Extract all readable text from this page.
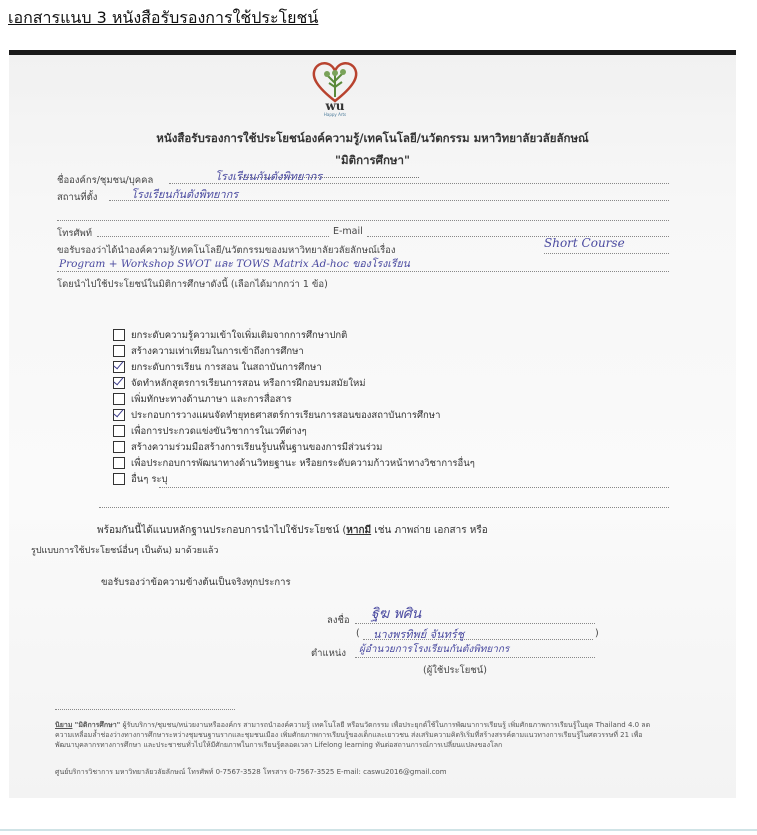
เอกสารแนบ 3 หนังสือรับรองการใช้ประโยชน์
wu
Happy Arts
หนังสือรับรองการใช้ประโยชน์องค์ความรู้/เทคโนโลยี/นวัตกรรม มหาวิทยาลัยวลัยลักษณ์
"มิติการศึกษา"
ชื่อองค์กร/ชุมชน/บุคคล	โรงเรียนกันตังพิทยากร
สถานที่ตั้ง	โรงเรียนกันตังพิทยากร
โทรศัพท์	E-mail
ขอรับรองว่าได้นำองค์ความรู้/เทคโนโลยี/นวัตกรรมของมหาวิทยาลัยวลัยลักษณ์เรื่อง
Short Course
Program + Workshop SWOT และ TOWS Matrix Ad-hoc ของโรงเรียน
โดยนำไปใช้ประโยชน์ในมิติการศึกษาดังนี้ (เลือกได้มากกว่า 1 ข้อ)
ยกระดับความรู้ความเข้าใจเพิ่มเติมจากการศึกษาปกติ
สร้างความเท่าเทียมในการเข้าถึงการศึกษา
ยกระดับการเรียน การสอน ในสถาบันการศึกษา
จัดทำหลักสูตรการเรียนการสอน หรือการฝึกอบรมสมัยใหม่
เพิ่มทักษะทางด้านภาษา และการสื่อสาร
ประกอบการวางแผนจัดทำยุทธศาสตร์การเรียนการสอนของสถาบันการศึกษา
เพื่อการประกวดแข่งขันวิชาการในเวทีต่างๆ
สร้างความร่วมมือสร้างการเรียนรู้บนพื้นฐานของการมีส่วนร่วม
เพื่อประกอบการพัฒนาทางด้านวิทยฐานะ หรือยกระดับความก้าวหน้าทางวิชาการอื่นๆ
อื่นๆ ระบุ
พร้อมกันนี้ได้แนบหลักฐานประกอบการนำไปใช้ประโยชน์ (หากมี เช่น ภาพถ่าย เอกสาร หรือ
รูปแบบการใช้ประโยชน์อื่นๆ เป็นต้น) มาด้วยแล้ว
ขอรับรองว่าข้อความข้างต้นเป็นจริงทุกประการ
ลงชื่อ ฐิฆ พศิน
( นางพรทิพย์ จันทร์ชู	)
ตำแหน่ง ผู้อำนวยการโรงเรียนกันตังพิทยากร
(ผู้ใช้ประโยชน์)
นิยาม "มิติการศึกษา" ผู้รับบริการ/ชุมชน/หน่วยงานหรือองค์กร สามารถนำองค์ความรู้ เทคโนโลยี หรือนวัตกรรม เพื่อประยุกต์ใช้ในการพัฒนาการเรียนรู้ เพิ่มศักยภาพการเรียนรู้ในยุค Thailand 4.0 ลดความเหลื่อมล้ำช่องว่างทางการศึกษาระหว่างชุมชนฐานรากและชุมชนเมือง เพิ่มศักยภาพการเรียนรู้ของเด็กและเยาวชน ส่งเสริมความคิดริเริ่มที่สร้างสรรค์ตามแนวทางการเรียนรู้ในศตวรรษที่ 21 เพื่อพัฒนาบุคลากรทางการศึกษา และประชาชนทั่วไปให้มีศักยภาพในการเรียนรู้ตลอดเวลา Lifelong learning ทันต่อสถานการณ์การเปลี่ยนแปลงของโลก
ศูนย์บริการวิชาการ มหาวิทยาลัยวลัยลักษณ์ โทรศัพท์ 0-7567-3528 โทรสาร 0-7567-3525 E-mail: caswu2016@gmail.com
